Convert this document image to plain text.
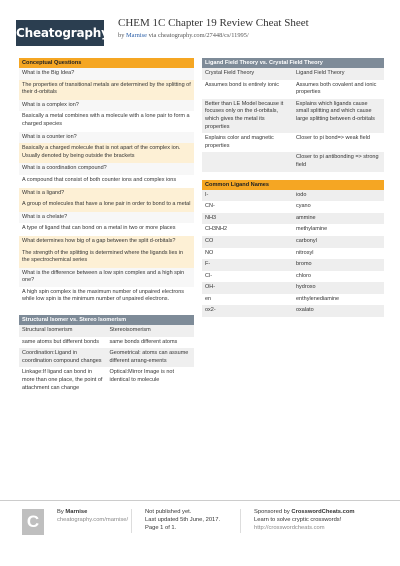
Cheatography
CHEM 1C Chapter 19 Review Cheat Sheet
by Marnise via cheatography.com/27448/cs/11995/
Conceptual Questions
What is the Big Idea?
The properties of transitional metals are determined by the splitting of their d-orbitals
What is a complex ion?
Basically a metal combines with a molecule with a lone pair to form a charged species
What is a counter ion?
Basically a charged molecule that is not apart of the complex ion. Usually denoted by being outside the brackets
What is a coordination compound?
A compound that consist of both counter ions and complex ions
What is a ligand?
A group of molecules that have a lone pair in order to bond to a metal
What is a chelate?
A type of ligand that can bond on a metal in two or more places
What determines how big of a gap between the split d-orbitals?
The strength of the splitting is determined where the ligands lies in the spectrochemical series
What is the difference between a low spin complex and a high spin one?
A high spin complex is the maximum number of unpaired electrons while low spin is the minimum number of unpaired electrons.
Structural Isomer vs. Stereo Isomerism
Structural Isomerism	Stereoisomerism
same atoms but different bonds	same bonds different atoms
Coordination:Ligand in coordination compound changes	Geometrical: atoms can assume different arrang-ements
Linkage:If ligand can bond in more than one place, the point of attachment can change	Optical:Mirror Image is not identical to molecule
Ligand Field Theory vs. Crystal Field Theory
Crystal Field Theory	Ligand Field Theory
Assumes bond is entirely ionic	Assumes both covalent and ionic properties
Better than LE Model because it focuses only on the d-orbitals, which gives the metal its properties	Explains which ligands cause small splitting and which cause large splitting between d-orbitals
Explains color and magnetic properties	Closer to pi bond=> weak field
	Closer to pi antibonding => strong field
Common Ligand Names
I-	iodo
CN-	cyano
NH3	ammine
CH3NH2	methylamine
CO	carbonyl
NO	nitrosyl
F-	bromo
Cl-	chloro
OH-	hydroxo
en	enthylenediamine
ox2-	oxalato
C	By Marnise
cheatography.com/marnise/
Not published yet.
Last updated 5th June, 2017.
Page 1 of 1.
Sponsored by CrosswordCheats.com
Learn to solve cryptic crosswords!
http://crosswordcheats.com
